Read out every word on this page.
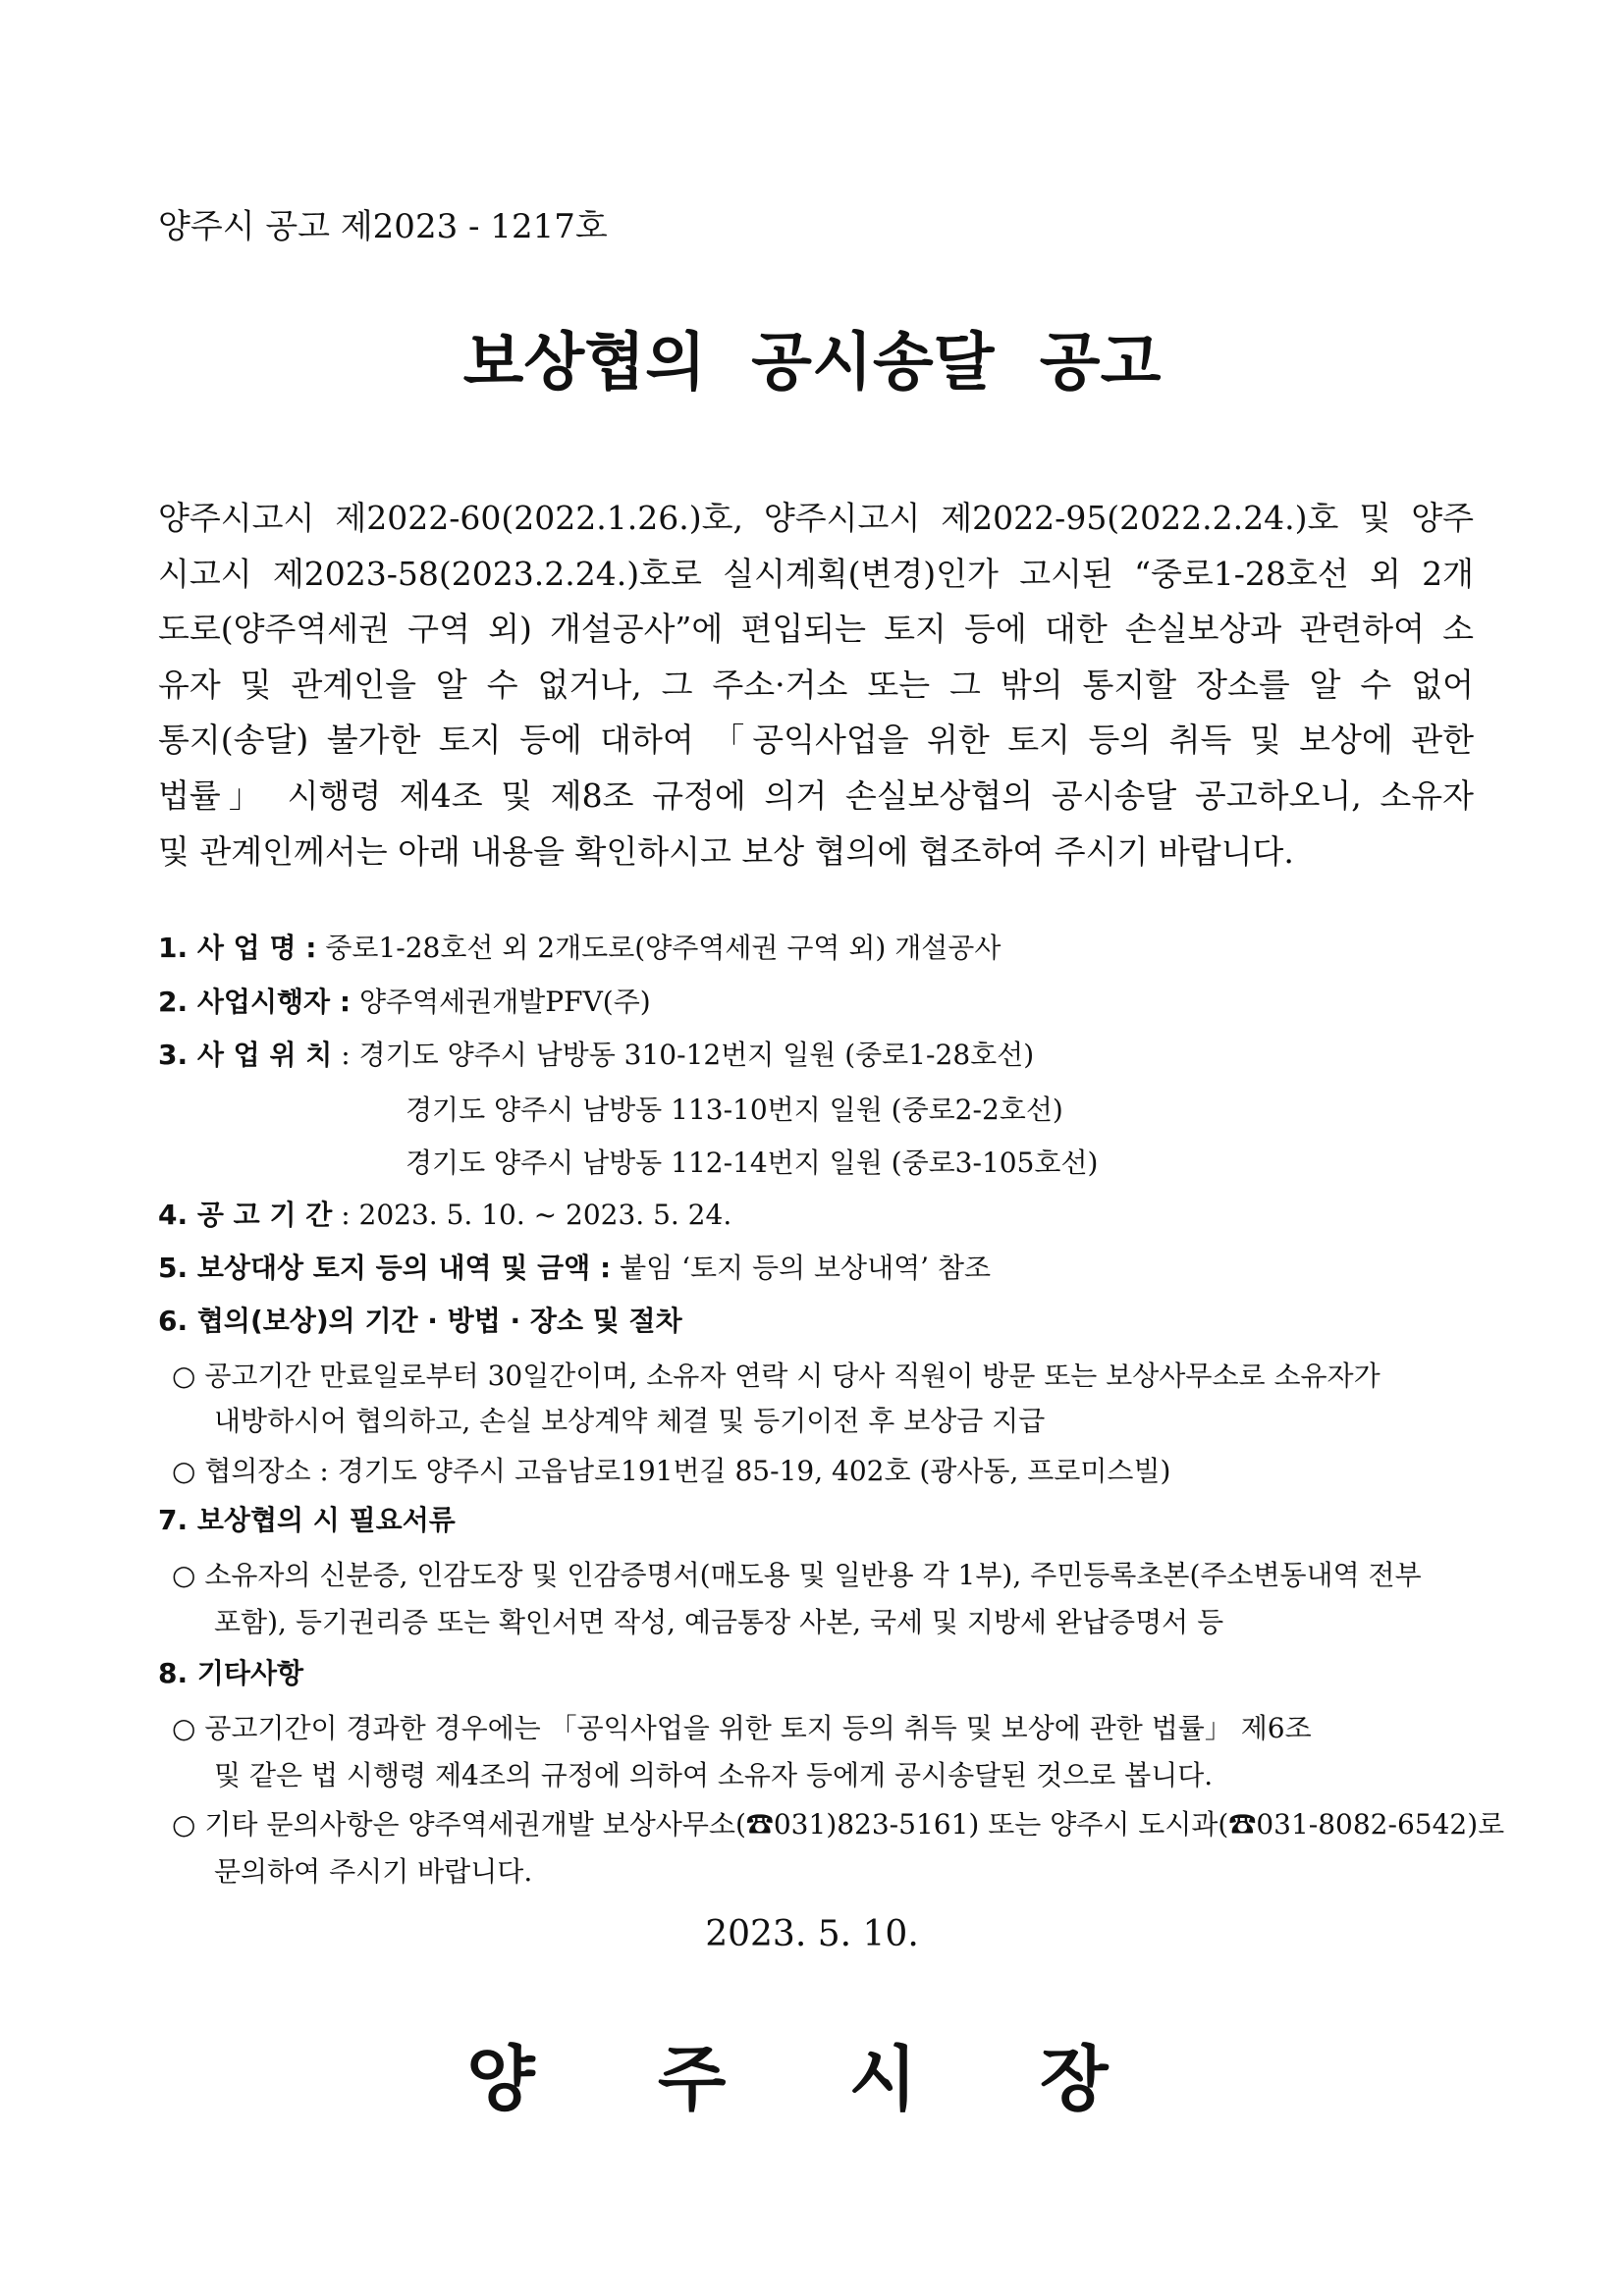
양주시 공고 제2023 - 1217호
보상협의 공시송달 공고
양주시고시 제2022-60(2022.1.26.)호, 양주시고시 제2022-95(2022.2.24.)호 및 양주
시고시 제2023-58(2023.2.24.)호로 실시계획(변경)인가 고시된 “중로1-28호선 외 2개
도로(양주역세권 구역 외) 개설공사”에 편입되는 토지 등에 대한 손실보상과 관련하여 소
유자 및 관계인을 알 수 없거나, 그 주소·거소 또는 그 밖의 통지할 장소를 알 수 없어
통지(송달) 불가한 토지 등에 대하여 「공익사업을 위한 토지 등의 취득 및 보상에 관한
법률」 시행령 제4조 및 제8조 규정에 의거 손실보상협의 공시송달 공고하오니, 소유자
및 관계인께서는 아래 내용을 확인하시고 보상 협의에 협조하여 주시기 바랍니다.
1. 사 업 명 : 중로1-28호선 외 2개도로(양주역세권 구역 외) 개설공사
2. 사업시행자 : 양주역세권개발PFV(주)
3. 사 업 위 치 : 경기도 양주시 남방동 310-12번지 일원 (중로1-28호선)
경기도 양주시 남방동 113-10번지 일원 (중로2-2호선)
경기도 양주시 남방동 112-14번지 일원 (중로3-105호선)
4. 공 고 기 간 : 2023. 5. 10. ~ 2023. 5. 24.
5. 보상대상 토지 등의 내역 및 금액 : 붙임 ‘토지 등의 보상내역’ 참조
6. 협의(보상)의 기간 · 방법 · 장소 및 절차
○ 공고기간 만료일로부터 30일간이며, 소유자 연락 시 당사 직원이 방문 또는 보상사무소로 소유자가
내방하시어 협의하고, 손실 보상계약 체결 및 등기이전 후 보상금 지급
○ 협의장소 : 경기도 양주시 고읍남로191번길 85-19, 402호 (광사동, 프로미스빌)
7. 보상협의 시 필요서류
○ 소유자의 신분증, 인감도장 및 인감증명서(매도용 및 일반용 각 1부), 주민등록초본(주소변동내역 전부
포함), 등기권리증 또는 확인서면 작성, 예금통장 사본, 국세 및 지방세 완납증명서 등
8. 기타사항
○ 공고기간이 경과한 경우에는 「공익사업을 위한 토지 등의 취득 및 보상에 관한 법률」 제6조
및 같은 법 시행령 제4조의 규정에 의하여 소유자 등에게 공시송달된 것으로 봅니다.
○ 기타 문의사항은 양주역세권개발 보상사무소(☎031)823-5161) 또는 양주시 도시과(☎031-8082-6542)로
문의하여 주시기 바랍니다.
2023. 5. 10.
양 주 시 장
